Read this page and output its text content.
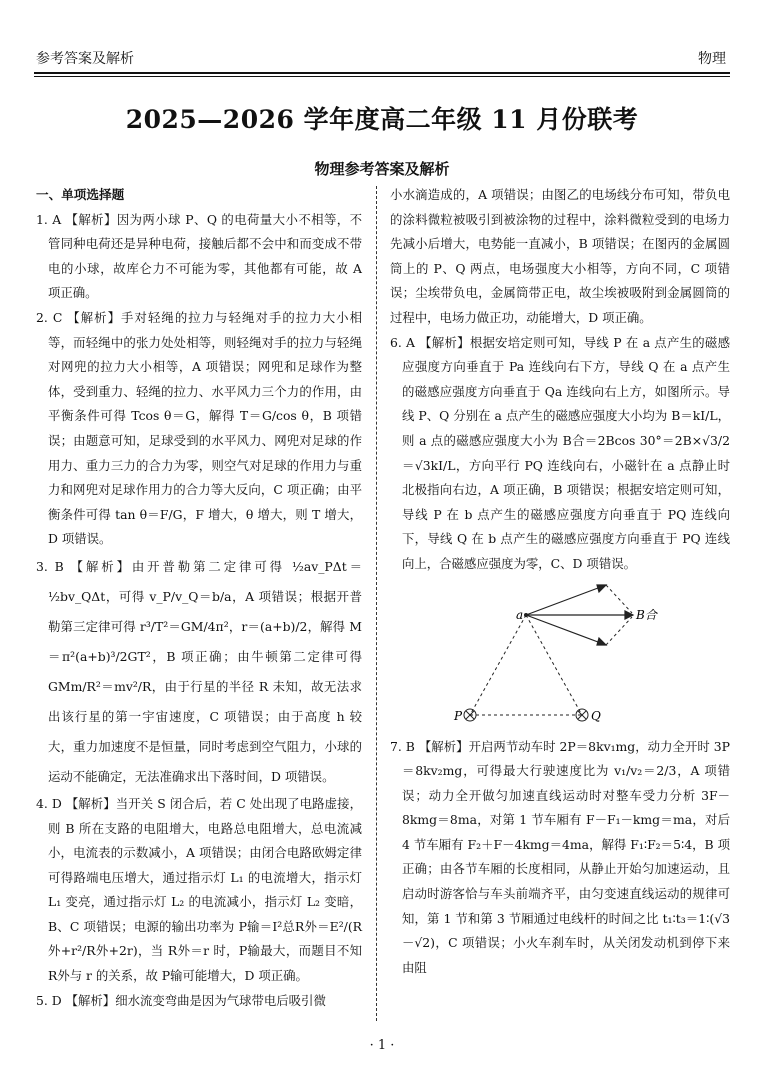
参考答案及解析	物理
2025—2026 学年度高二年级 11 月份联考
物理参考答案及解析

一、单项选择题

1. A 【解析】因为两小球 P、Q 的电荷量大小不相等，不管同种电荷还是异种电荷，接触后都不会中和而变成不带电的小球，故库仑力不可能为零，其他都有可能，故 A 项正确。

2. C 【解析】手对轻绳的拉力与轻绳对手的拉力大小相等，而轻绳中的张力处处相等，则轻绳对手的拉力与轻绳对网兜的拉力大小相等，A 项错误；网兜和足球作为整体，受到重力、轻绳的拉力、水平风力三个力的作用，由平衡条件可得 Tcos θ＝G，解得 T＝G/cos θ，B 项错误；由题意可知，足球受到的水平风力、网兜对足球的作用力、重力三力的合力为零，则空气对足球的作用力与重力和网兜对足球作用力的合力等大反向，C 项正确；由平衡条件可得 tan θ＝F/G，F 增大，θ 增大，则 T 增大，D 项错误。

3. B 【解析】由开普勒第二定律可得 ½av_PΔt＝½bv_QΔt，可得 v_P/v_Q＝b/a，A 项错误；根据开普勒第三定律可得 r³/T²＝GM/4π²，r＝(a+b)/2，解得 M＝π²(a+b)³/2GT²，B 项正确；由牛顿第二定律可得 GMm/R²＝mv²/R，由于行星的半径 R 未知，故无法求出该行星的第一宇宙速度，C 项错误；由于高度 h 较大，重力加速度不是恒量，同时考虑到空气阻力，小球的运动不能确定，无法准确求出下落时间，D 项错误。

4. D 【解析】当开关 S 闭合后，若 C 处出现了电路虚接，则 B 所在支路的电阻增大，电路总电阻增大，总电流减小，电流表的示数减小，A 项错误；由闭合电路欧姆定律可得路端电压增大，通过指示灯 L₁ 的电流增大，指示灯 L₁ 变亮，通过指示灯 L₂ 的电流减小，指示灯 L₂ 变暗，B、C 项错误；电源的输出功率为 P输＝I²总R外＝E²/(R外+r²/R外+2r)，当 R外＝r 时，P输最大，而题目不知 R外与 r 的关系，故 P输可能增大，D 项正确。

5. D 【解析】细水流变弯曲是因为气球带电后吸引微

小水滴造成的，A 项错误；由图乙的电场线分布可知，带负电的涂料微粒被吸引到被涂物的过程中，涂料微粒受到的电场力先减小后增大，电势能一直减小，B 项错误；在图丙的金属圆筒上的 P、Q 两点，电场强度大小相等，方向不同，C 项错误；尘埃带负电，金属筒带正电，故尘埃被吸附到金属圆筒的过程中，电场力做正功，动能增大，D 项正确。

6. A 【解析】根据安培定则可知，导线 P 在 a 点产生的磁感应强度方向垂直于 Pa 连线向右下方，导线 Q 在 a 点产生的磁感应强度方向垂直于 Qa 连线向右上方，如图所示。导线 P、Q 分别在 a 点产生的磁感应强度大小均为 B＝kI/L，则 a 点的磁感应强度大小为 B合＝2Bcos 30°＝2B×√3/2＝√3kI/L，方向平行 PQ 连线向右，小磁针在 a 点静止时北极指向右边，A 项正确，B 项错误；根据安培定则可知，导线 P 在 b 点产生的磁感应强度方向垂直于 PQ 连线向下，导线 Q 在 b 点产生的磁感应强度方向垂直于 PQ 连线向上，合磁感应强度为零，C、D 项错误。

a	B合
P	Q

7. B 【解析】开启两节动车时 2P＝8kv₁mg，动力全开时 3P＝8kv₂mg，可得最大行驶速度比为 v₁/v₂＝2/3，A 项错误；动力全开做匀加速直线运动时对整车受力分析 3F－8kmg＝8ma，对第 1 节车厢有 F－F₁－kmg＝ma，对后 4 节车厢有 F₂＋F－4kmg＝4ma，解得 F₁∶F₂＝5∶4，B 项正确；由各节车厢的长度相同，从静止开始匀加速运动，且启动时游客恰与车头前端齐平，由匀变速直线运动的规律可知，第 1 节和第 3 节厢通过电线杆的时间之比 t₁∶t₃＝1∶(√3－√2)，C 项错误；小火车刹车时，从关闭发动机到停下来由阻

· 1 ·
